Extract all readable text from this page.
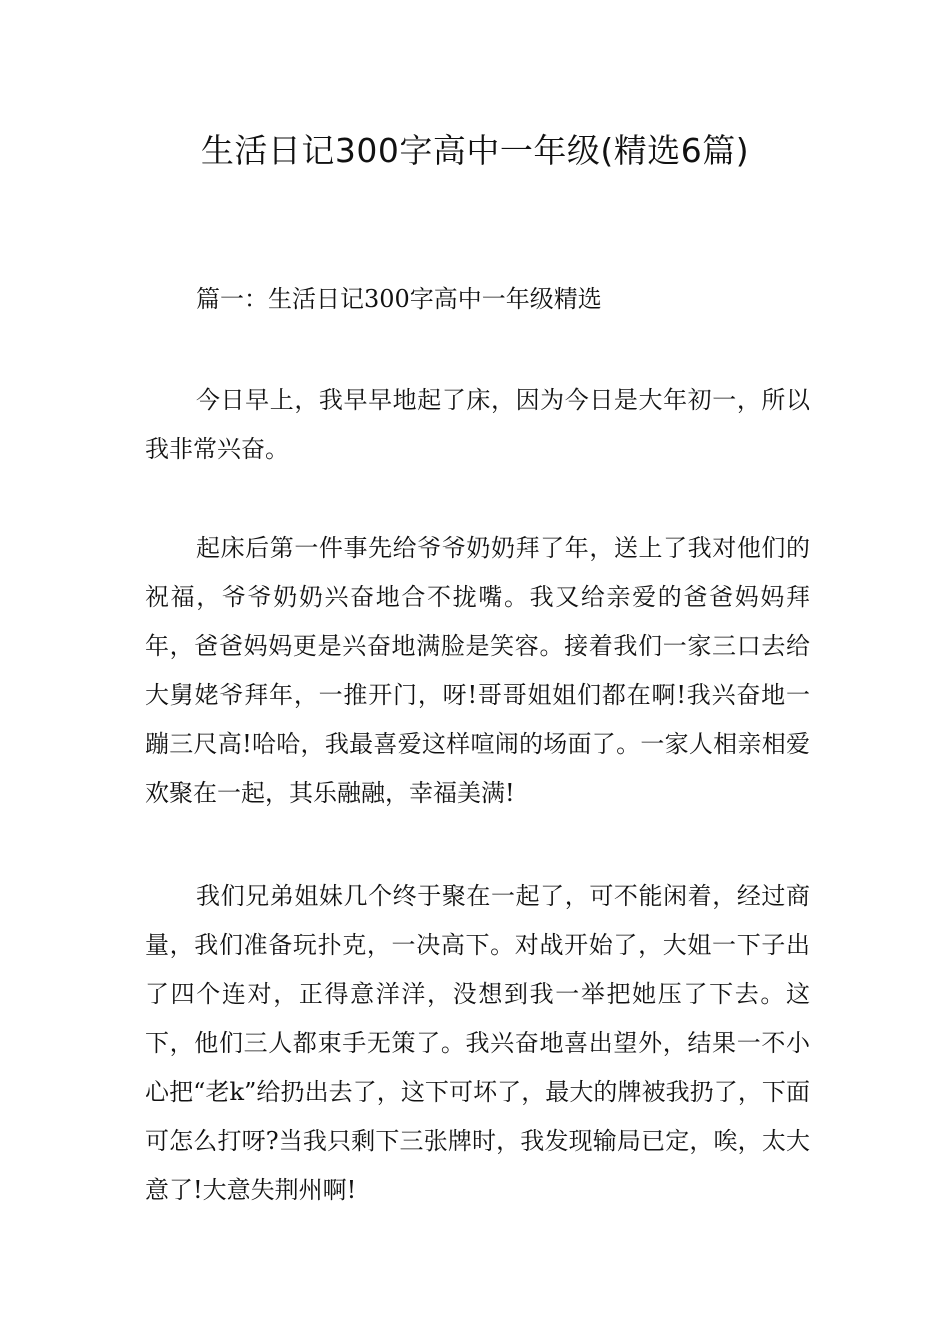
生活日记300字高中一年级(精选6篇)
篇一：生活日记300字高中一年级精选

今日早上，我早早地起了床，因为今日是大年初一，所以我非常兴奋。

起床后第一件事先给爷爷奶奶拜了年，送上了我对他们的祝福，爷爷奶奶兴奋地合不拢嘴。我又给亲爱的爸爸妈妈拜年，爸爸妈妈更是兴奋地满脸是笑容。接着我们一家三口去给大舅姥爷拜年，一推开门，呀!哥哥姐姐们都在啊!我兴奋地一蹦三尺高!哈哈，我最喜爱这样喧闹的场面了。一家人相亲相爱欢聚在一起，其乐融融，幸福美满!

我们兄弟姐妹几个终于聚在一起了，可不能闲着，经过商量，我们准备玩扑克，一决高下。对战开始了，大姐一下子出了四个连对，正得意洋洋，没想到我一举把她压了下去。这下，他们三人都束手无策了。我兴奋地喜出望外，结果一不小心把“老k”给扔出去了，这下可坏了，最大的牌被我扔了，下面可怎么打呀?当我只剩下三张牌时，我发现输局已定，唉，太大意了!大意失荆州啊!
